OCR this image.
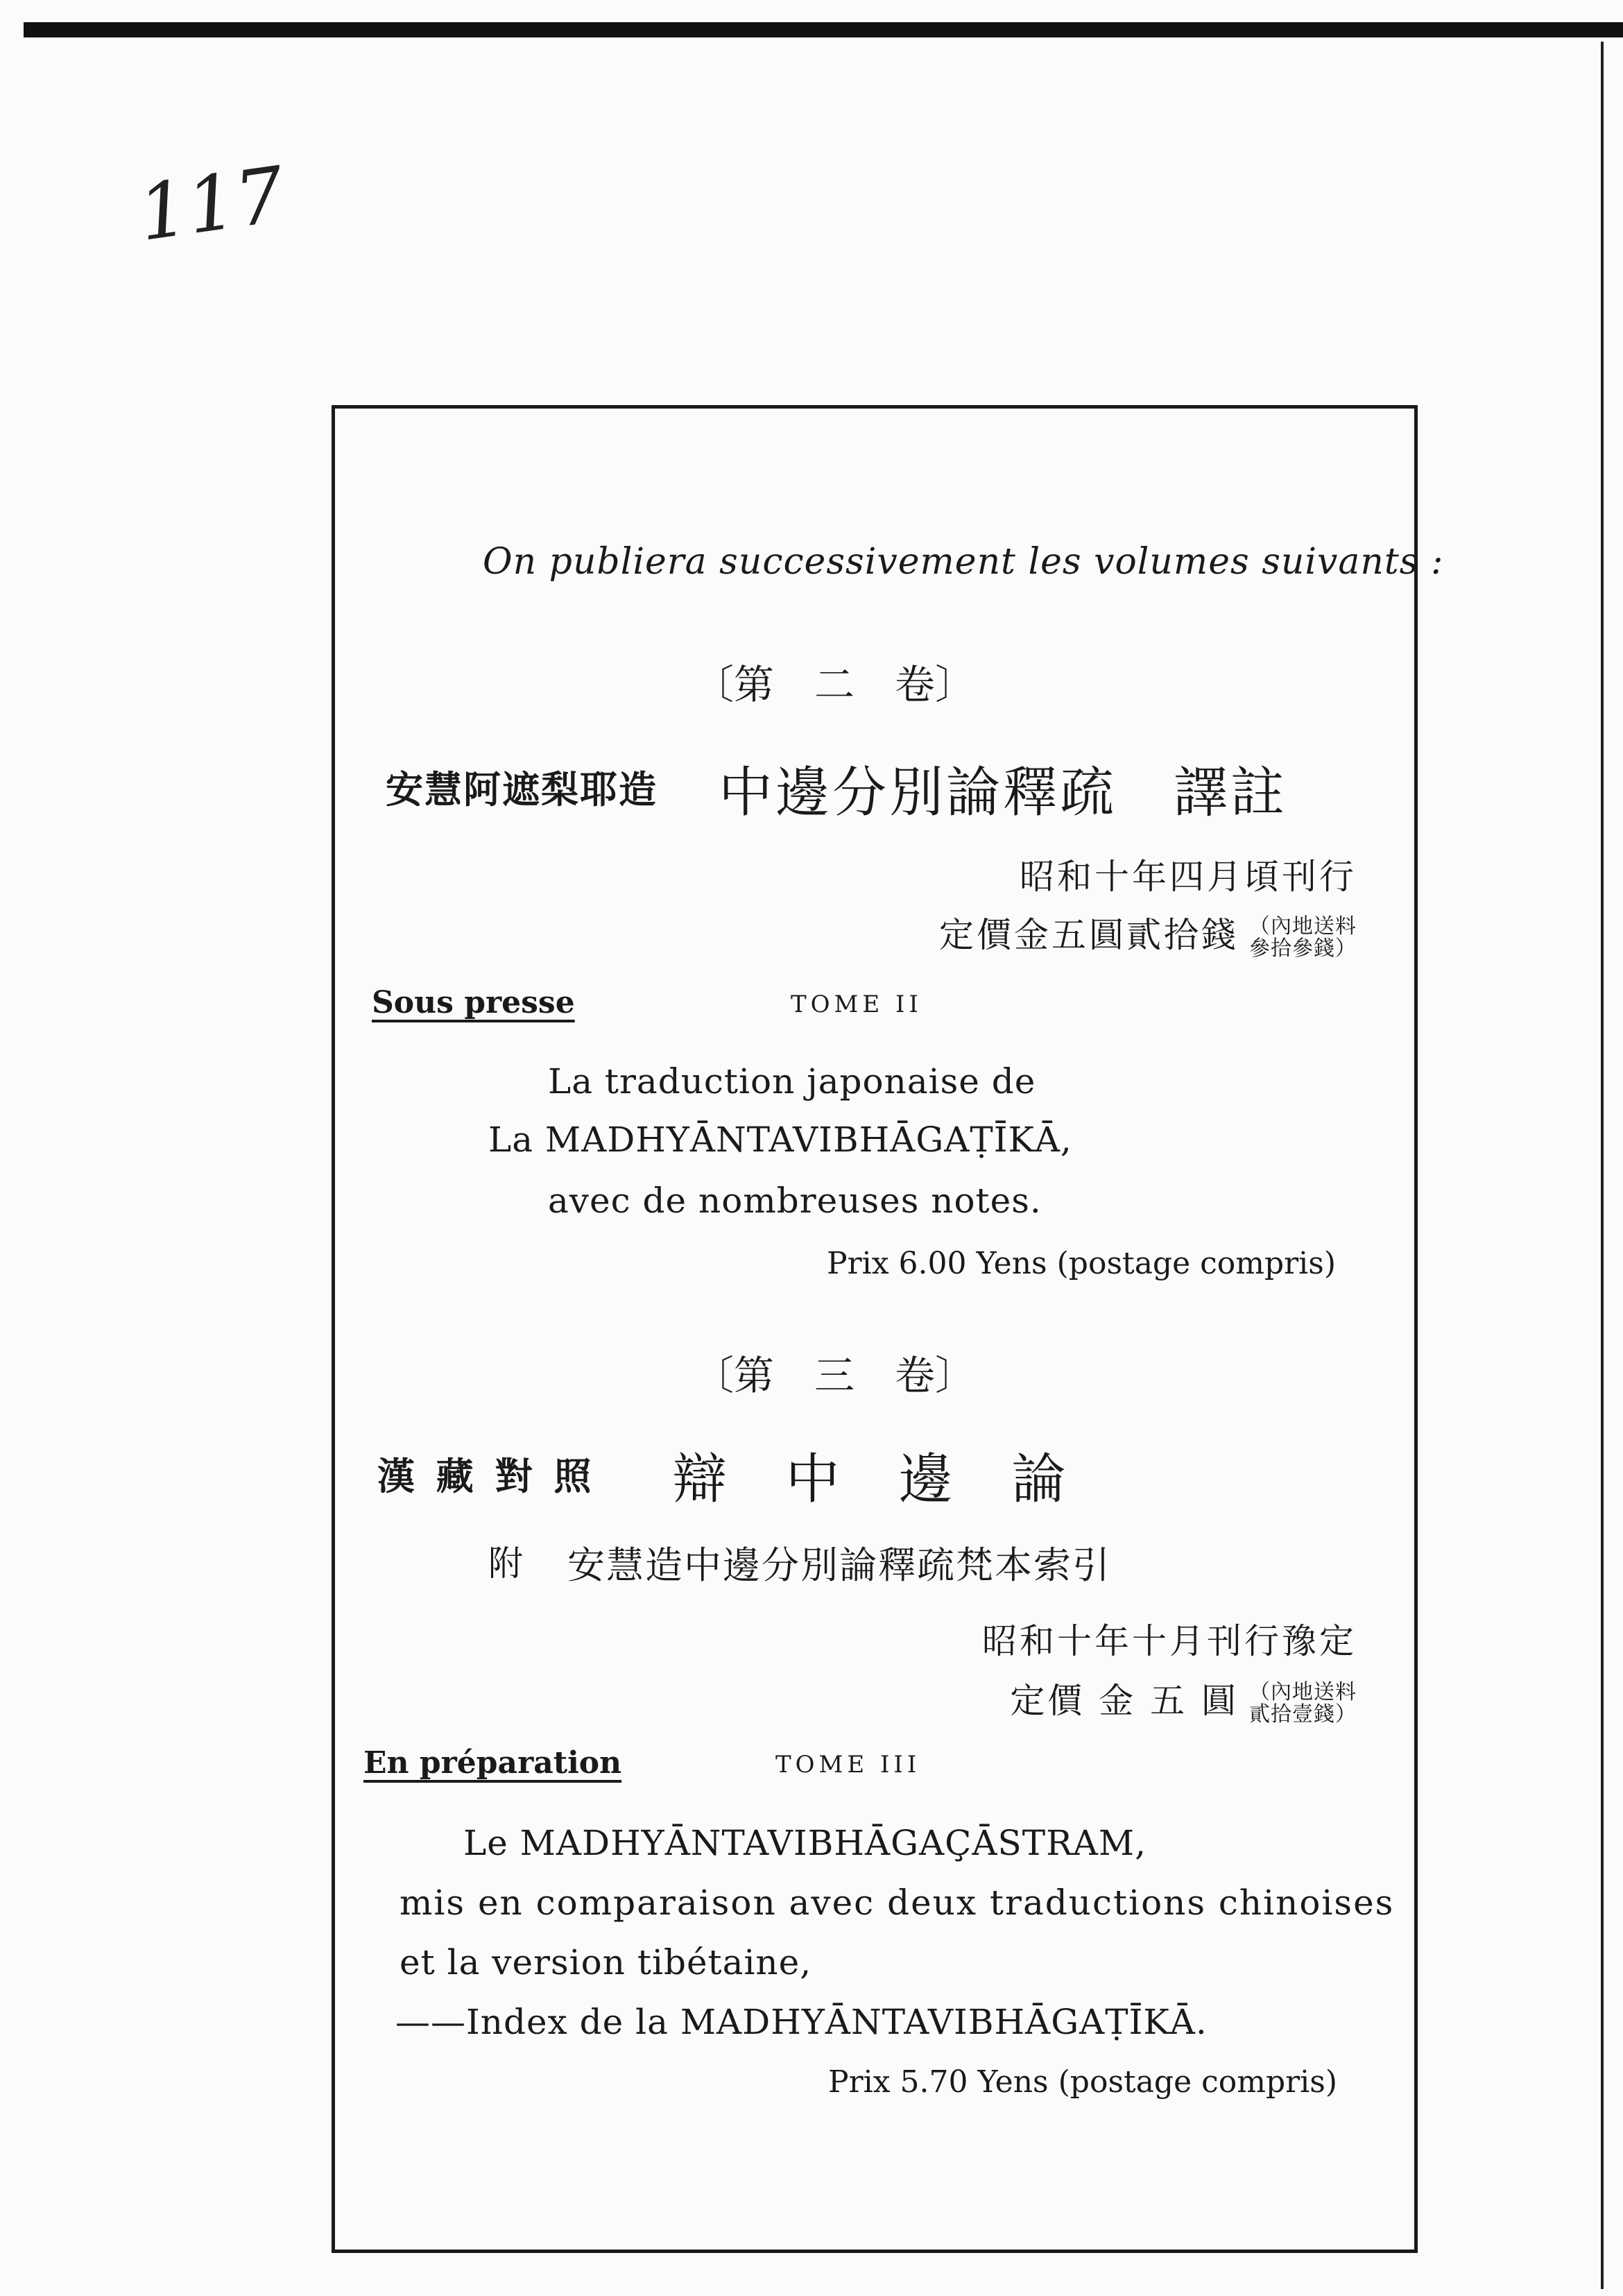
117
On publiera successivement les volumes suivants :
〔第　二　卷〕
安慧阿遮梨耶造 中邊分別論釋疏　譯註
昭和十年四月頃刊行
定價金五圓貳拾錢 （內地送料參拾參錢）
Sous presse	TOME II
La traduction japonaise de
La MADHYĀNTAVIBHĀGAṬĪKĀ,
avec de nombreuses notes.
Prix 6.00 Yens (postage compris)
〔第　三　卷〕
漢 藏 對 照 辯 中 邊 論
附 安慧造中邊分別論釋疏梵本索引
昭和十年十月刊行豫定
定價 金 五 圓 （內地送料貳拾壹錢）
En préparation	TOME III
Le MADHYĀNTAVIBHĀGAÇĀSTRAM,
mis en comparaison avec deux traductions chinoises
et la version tibétaine,
——Index de la MADHYĀNTAVIBHĀGAṬĪKĀ.
Prix 5.70 Yens (postage compris)
